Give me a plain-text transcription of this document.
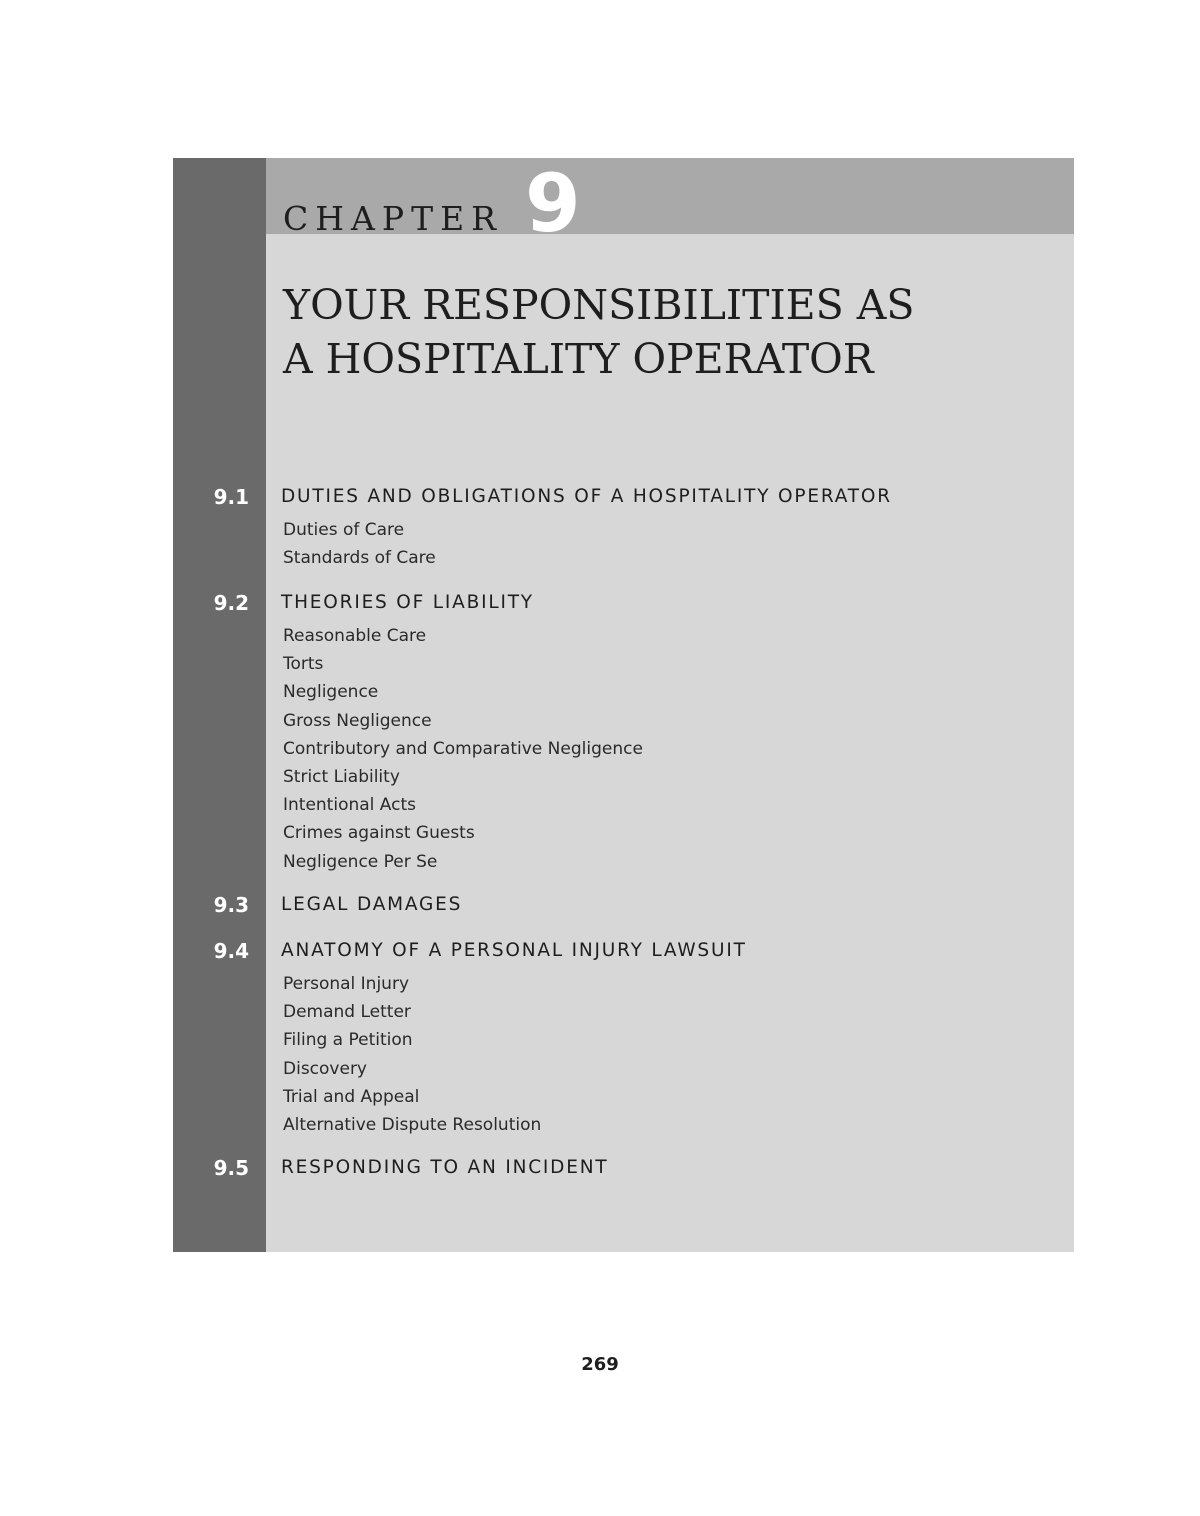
CHAPTER 9
YOUR RESPONSIBILITIES AS
A HOSPITALITY OPERATOR
9.1 DUTIES AND OBLIGATIONS OF A HOSPITALITY OPERATOR
Duties of Care
Standards of Care
9.2 THEORIES OF LIABILITY
Reasonable Care
Torts
Negligence
Gross Negligence
Contributory and Comparative Negligence
Strict Liability
Intentional Acts
Crimes against Guests
Negligence Per Se
9.3 LEGAL DAMAGES
9.4 ANATOMY OF A PERSONAL INJURY LAWSUIT
Personal Injury
Demand Letter
Filing a Petition
Discovery
Trial and Appeal
Alternative Dispute Resolution
9.5 RESPONDING TO AN INCIDENT
269
